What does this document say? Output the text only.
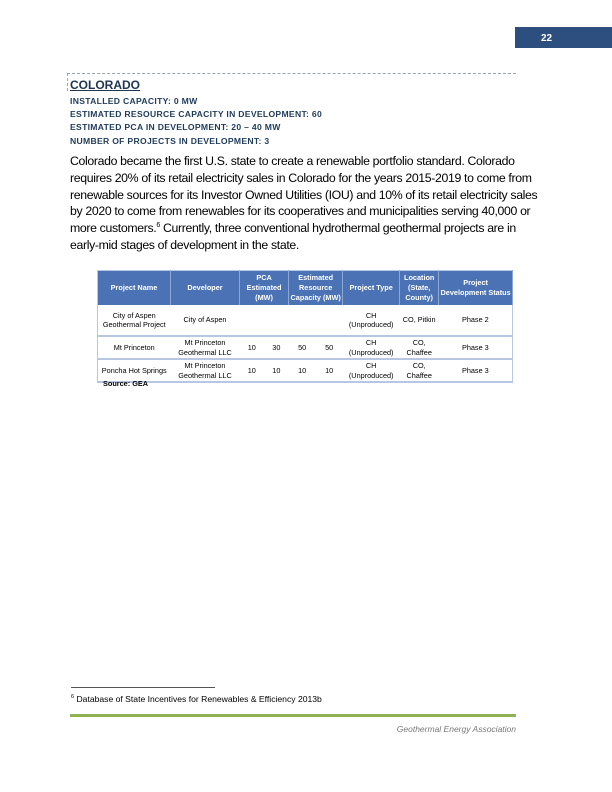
22
COLORADO
INSTALLED CAPACITY: 0 MW
ESTIMATED RESOURCE CAPACITY IN DEVELOPMENT: 60
ESTIMATED PCA IN DEVELOPMENT: 20 – 40 MW
NUMBER OF PROJECTS IN DEVELOPMENT: 3
Colorado became the first U.S. state to create a renewable portfolio standard. Colorado requires 20% of its retail electricity sales in Colorado for the years 2015-2019 to come from renewable sources for its Investor Owned Utilities (IOU) and 10% of its retail electricity sales by 2020 to come from renewables for its cooperatives and municipalities serving 40,000 or more customers.$^6$ Currently, three conventional hydrothermal geothermal projects are in early-mid stages of development in the state.
Project Name	Developer	PCA Estimated (MW)		Estimated Resource Capacity (MW)		Project Type	Location (State, County)	Project Development Status
City of Aspen Geothermal Project	City of Aspen					CH (Unproduced)	CO, Pitkin	Phase 2
Mt Princeton	Mt Princeton Geothermal LLC	10	30	50	50	CH (Unproduced)	CO, Chaffee	Phase 3
Poncha Hot Springs	Mt Princeton Geothermal LLC	10	10	10	10	CH (Unproduced)	CO, Chaffee	Phase 3
Source: GEA
$^6$ Database of State Incentives for Renewables & Efficiency 2013b
Geothermal Energy Association
